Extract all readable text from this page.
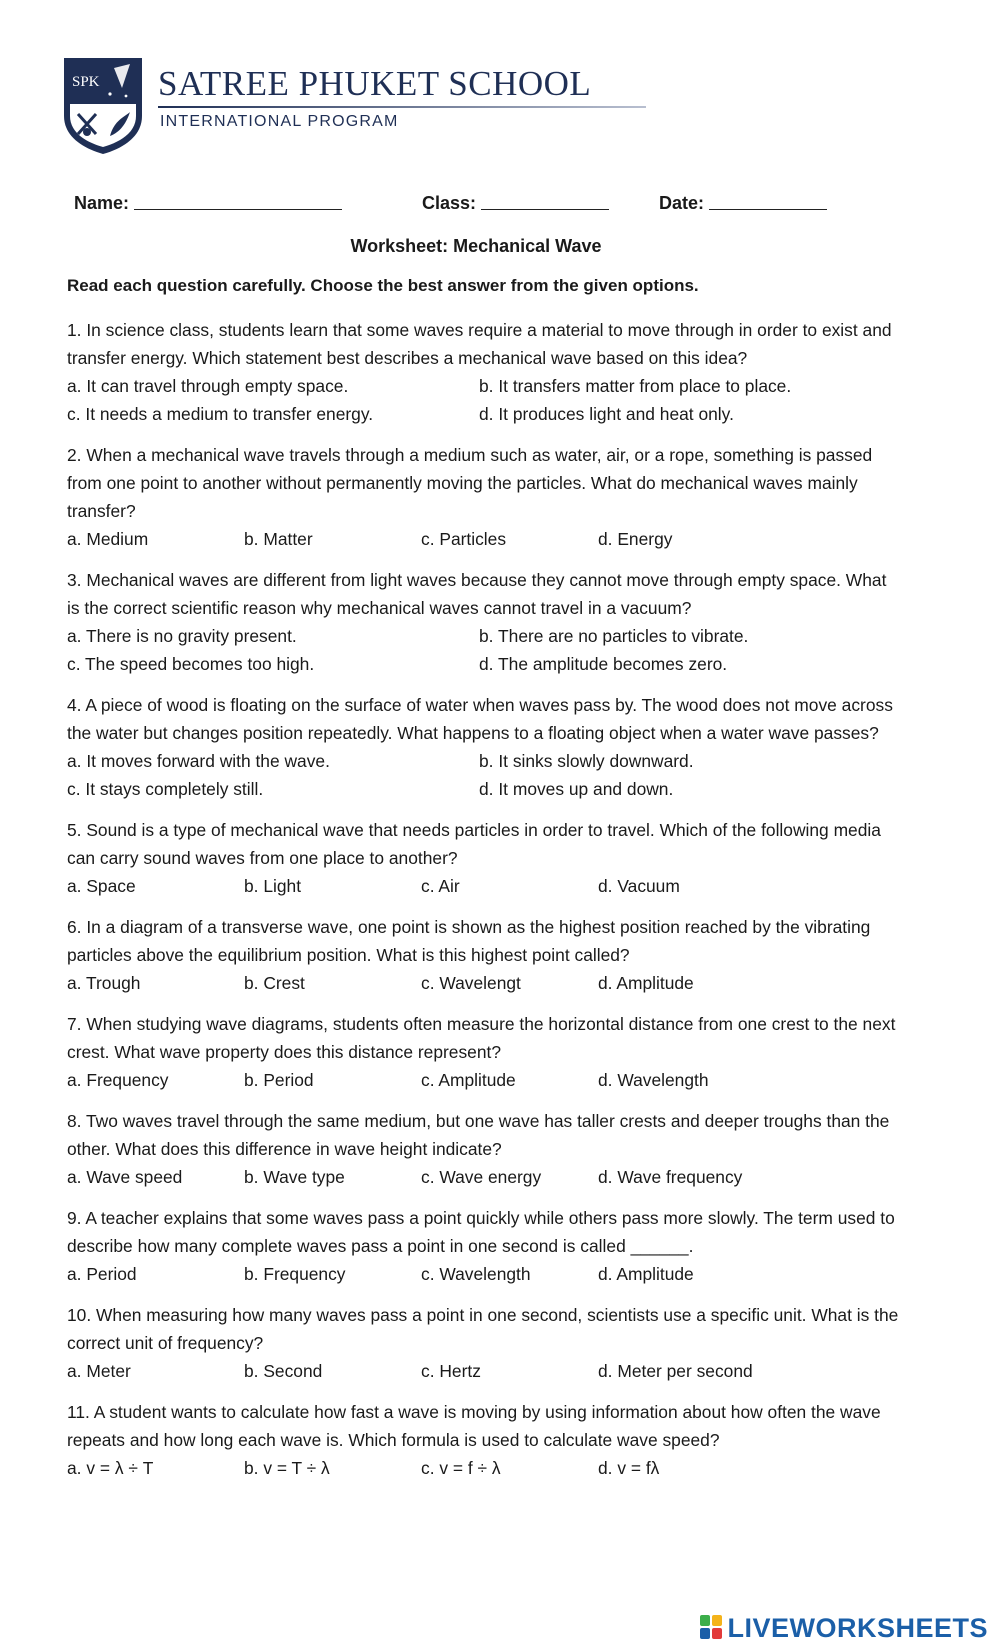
SPK SATREE PHUKET SCHOOL
INTERNATIONAL PROGRAM
Name:	Class:	Date:
Worksheet: Mechanical Wave
Read each question carefully. Choose the best answer from the given options.
1. In science class, students learn that some waves require a material to move through in order to exist and transfer energy. Which statement best describes a mechanical wave based on this idea?
a. It can travel through empty space.	b. It transfers matter from place to place.
c. It needs a medium to transfer energy.	d. It produces light and heat only.
2. When a mechanical wave travels through a medium such as water, air, or a rope, something is passed from one point to another without permanently moving the particles. What do mechanical waves mainly transfer?
a. Medium	b. Matter	c. Particles	d. Energy
3. Mechanical waves are different from light waves because they cannot move through empty space. What is the correct scientific reason why mechanical waves cannot travel in a vacuum?
a. There is no gravity present.	b. There are no particles to vibrate.
c. The speed becomes too high.	d. The amplitude becomes zero.
4. A piece of wood is floating on the surface of water when waves pass by. The wood does not move across the water but changes position repeatedly. What happens to a floating object when a water wave passes?
a. It moves forward with the wave.	b. It sinks slowly downward.
c. It stays completely still.	d. It moves up and down.
5. Sound is a type of mechanical wave that needs particles in order to travel. Which of the following media can carry sound waves from one place to another?
a. Space	b. Light	c. Air	d. Vacuum
6. In a diagram of a transverse wave, one point is shown as the highest position reached by the vibrating particles above the equilibrium position. What is this highest point called?
a. Trough	b. Crest	c. Wavelengt	d. Amplitude
7. When studying wave diagrams, students often measure the horizontal distance from one crest to the next crest. What wave property does this distance represent?
a. Frequency	b. Period	c. Amplitude	d. Wavelength
8. Two waves travel through the same medium, but one wave has taller crests and deeper troughs than the other. What does this difference in wave height indicate?
a. Wave speed	b. Wave type	c. Wave energy	d. Wave frequency
9. A teacher explains that some waves pass a point quickly while others pass more slowly. The term used to describe how many complete waves pass a point in one second is called ______.
a. Period	b. Frequency	c. Wavelength	d. Amplitude
10. When measuring how many waves pass a point in one second, scientists use a specific unit. What is the correct unit of frequency?
a. Meter	b. Second	c. Hertz	d. Meter per second
11. A student wants to calculate how fast a wave is moving by using information about how often the wave repeats and how long each wave is. Which formula is used to calculate wave speed?
a. v = λ ÷ T	b. v = T ÷ λ	c. v = f ÷ λ	d. v = fλ
LIVEWORKSHEETS
